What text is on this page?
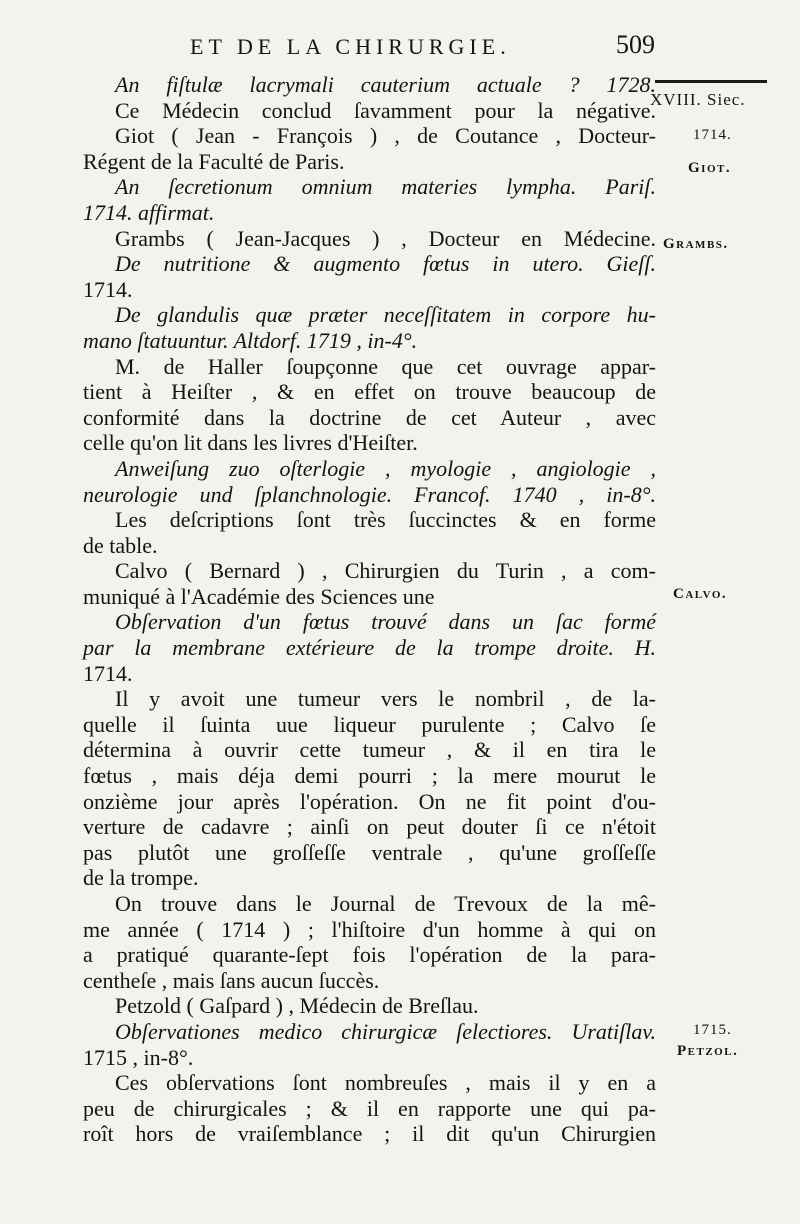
ET DE LA CHIRURGIE.	509
XVIII. Siec.
1714.
Giot.
Grambs.
Calvo.
1715.
Petzol.
An fiſtulæ lacrymali cauterium actuale ? 1728.
Ce Médecin conclud ſavamment pour la négative.
Giot ( Jean - François ) , de Coutance , Docteur-
Régent de la Faculté de Paris.
An ſecretionum omnium materies lympha. Pariſ.
1714. affirmat.
Grambs ( Jean-Jacques ) , Docteur en Médecine.
De nutritione & augmento fœtus in utero. Gieſſ.
1714.
De glandulis quæ præter neceſſitatem in corpore hu-
mano ſtatuuntur. Altdorf. 1719 , in-4°.
M. de Haller ſoupçonne que cet ouvrage appar-
tient à Heiſter , & en effet on trouve beaucoup de
conformité dans la doctrine de cet Auteur , avec
celle qu'on lit dans les livres d'Heiſter.
Anweiſung zuo oſterlogie , myologie , angiologie ,
neurologie und ſplanchnologie. Francof. 1740 , in-8°.
Les deſcriptions ſont très ſuccinctes & en forme
de table.
Calvo ( Bernard ) , Chirurgien du Turin , a com-
muniqué à l'Académie des Sciences une
Obſervation d'un fœtus trouvé dans un ſac formé
par la membrane extérieure de la trompe droite. H.
1714.
Il y avoit une tumeur vers le nombril , de la-
quelle il ſuinta uue liqueur purulente ; Calvo ſe
détermina à ouvrir cette tumeur , & il en tira le
fœtus , mais déja demi pourri ; la mere mourut le
onzième jour après l'opération. On ne fit point d'ou-
verture de cadavre ; ainſi on peut douter ſi ce n'étoit
pas plutôt une groſſeſſe ventrale , qu'une groſſeſſe
de la trompe.
On trouve dans le Journal de Trevoux de la mê-
me année ( 1714 ) ; l'hiſtoire d'un homme à qui on
a pratiqué quarante-ſept fois l'opération de la para-
centheſe , mais ſans aucun ſuccès.
Petzold ( Gaſpard ) , Médecin de Breſlau.
Obſervationes medico chirurgicæ ſelectiores. Uratiſlav.
1715 , in-8°.
Ces obſervations ſont nombreuſes , mais il y en a
peu de chirurgicales ; & il en rapporte une qui pa-
roît hors de vraiſemblance ; il dit qu'un Chirurgien
